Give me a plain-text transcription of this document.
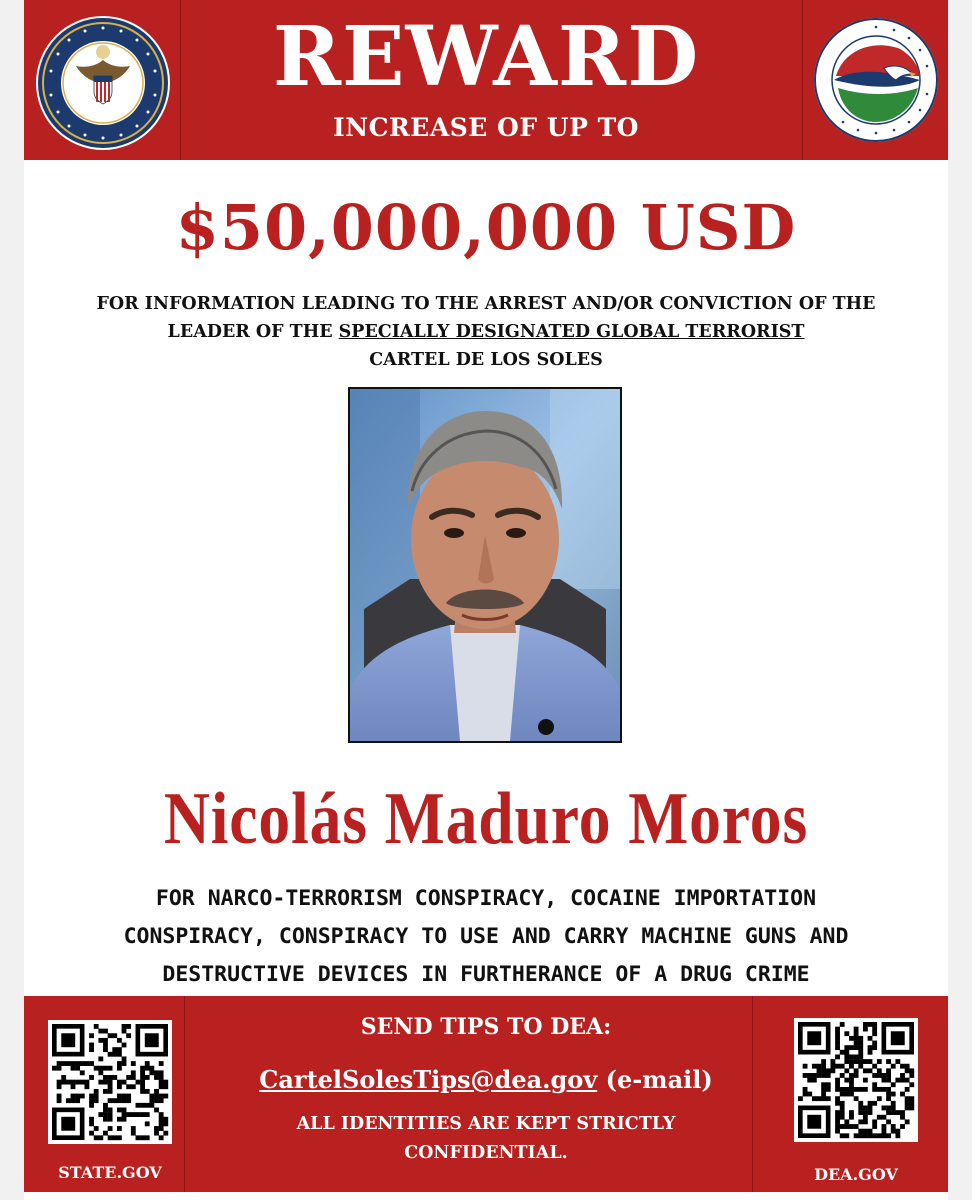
REWARD
INCREASE OF UP TO
$50,000,000 USD
FOR INFORMATION LEADING TO THE ARREST AND/OR CONVICTION OF THE
LEADER OF THE SPECIALLY DESIGNATED GLOBAL TERRORIST
CARTEL DE LOS SOLES
Nicolás Maduro Moros
FOR NARCO-TERRORISM CONSPIRACY, COCAINE IMPORTATION
CONSPIRACY, CONSPIRACY TO USE AND CARRY MACHINE GUNS AND
DESTRUCTIVE DEVICES IN FURTHERANCE OF A DRUG CRIME
STATE.GOV	DEA.GOV
SEND TIPS TO DEA:
CartelSolesTips@dea.gov (e-mail)
ALL IDENTITIES ARE KEPT STRICTLY
CONFIDENTIAL.
